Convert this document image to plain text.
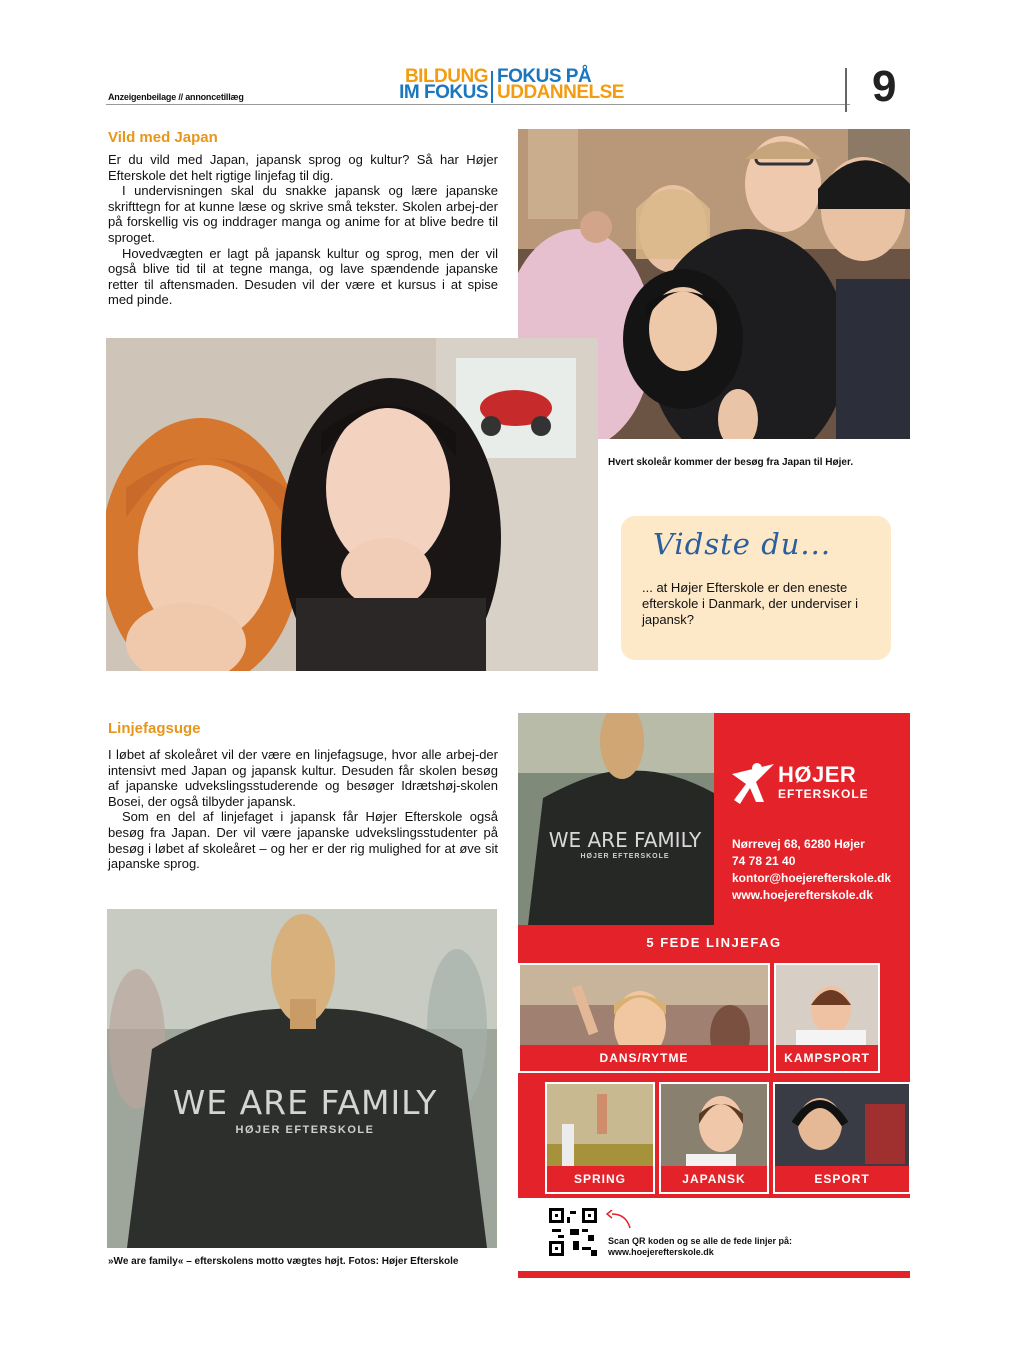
Anzeigenbeilage // annoncetillæg
BILDUNG
IM FOKUS
FOKUS PÅ
UDDANNELSE	9
Vild med Japan

Er du vild med Japan, japansk sprog og kultur? Så har Højer Efterskole det helt rigtige linjefag til dig.

I undervisningen skal du snakke japansk og lære japanske skrifttegn for at kunne læse og skrive små tekster. Skolen arbej-der på forskellig vis og inddrager manga og anime for at blive bedre til sproget.

Hovedvægten er lagt på japansk kultur og sprog, men der vil også blive tid til at tegne manga, og lave spændende japanske retter til aftensmaden. Desuden vil der være et kursus i at spise med pinde.

Hvert skoleår kommer der besøg fra Japan til Højer.
Vidste du...
... at Højer Efterskole er den eneste efterskole i Danmark, der underviser i japansk?
Linjefagsuge

I løbet af skoleåret vil der være en linjefagsuge, hvor alle arbej-der intensivt med Japan og japansk kultur. Desuden får skolen besøg af japanske udvekslingsstuderende og besøger Idrætshøj-skolen Bosei, der også tilbyder japansk.

Som en del af linjefaget i japansk får Højer Efterskole også besøg fra Japan. Der vil være japanske udvekslingsstudenter på besøg i løbet af skoleåret – og her er der rig mulighed for at øve sit japanske sprog.

WE ARE FAMILY
HØJER EFTERSKOLE
»We are family« – efterskolens motto vægtes højt. Fotos: Højer Efterskole
WE ARE FAMILY
HØJER EFTERSKOLE
HØJER
EFTERSKOLE
Nørrevej 68, 6280 Højer
74 78 21 40
kontor@hoejerefterskole.dk
www.hoejerefterskole.dk
5 FEDE LINJEFAG
DANS/RYTME	KAMPSPORT
SPRING	JAPANSK	ESPORT
Scan QR koden og se alle de fede linjer på:
www.hoejerefterskole.dk
